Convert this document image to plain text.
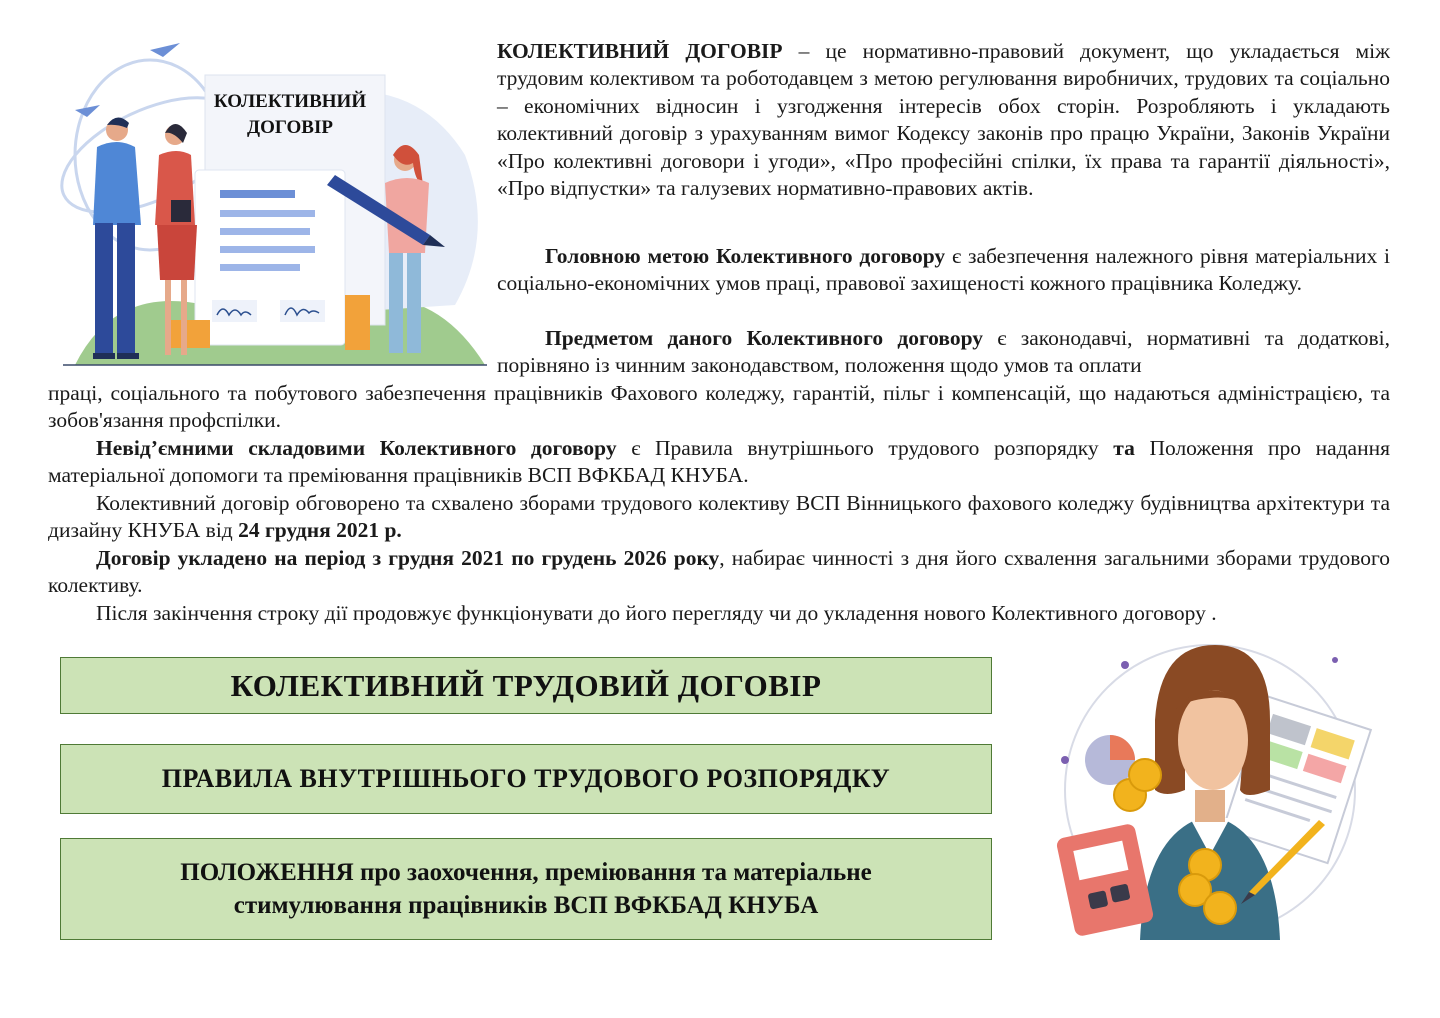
КОЛЕКТИВНИЙ
ДОГОВІР

КОЛЕКТИВНИЙ ДОГОВІР – це нормативно-правовий документ, що укладається між трудовим колективом та роботодавцем з метою регулювання виробничих, трудових та соціально – економічних відносин і узгодження інтересів обох сторін. Розробляють і укладають колективний договір з урахуванням вимог Кодексу законів про працю України, Законів України «Про колективні договори і угоди», «Про професійні спілки, їх права та гарантії діяльності», «Про відпустки» та галузевих нормативно-правових актів.

Головною метою Колективного договору є забезпечення належного рівня матеріальних і соціально-економічних умов праці, правової захищеності кожного працівника Коледжу.

Предметом даного Колективного договору є законодавчі, нормативні та додаткові, порівняно із чинним законодавством, положення щодо умов та оплати

праці, соціального та побутового забезпечення працівників Фахового коледжу, гарантій, пільг і компенсацій, що надаються адміністрацією, та зобов'язання профспілки.

Невід’ємними складовими Колективного договору є Правила внутрішнього трудового розпорядку та Положення про надання матеріальної допомоги та преміювання працівників ВСП ВФКБАД КНУБА.

Колективний договір обговорено та схвалено зборами трудового колективу ВСП Вінницького фахового коледжу будівництва архітектури та дизайну КНУБА від 24 грудня 2021 р.

Договір укладено на період з грудня 2021 по грудень 2026 року, набирає чинності з дня його схвалення загальними зборами трудового колективу.

Після закінчення строку дії продовжує функціонувати до його перегляду чи до укладення нового Колективного договору .

КОЛЕКТИВНИЙ ТРУДОВИЙ ДОГОВІР
ПРАВИЛА ВНУТРІШНЬОГО ТРУДОВОГО РОЗПОРЯДКУ
ПОЛОЖЕННЯ про заохочення, преміювання та матеріальне
стимулювання працівників ВСП ВФКБАД КНУБА
